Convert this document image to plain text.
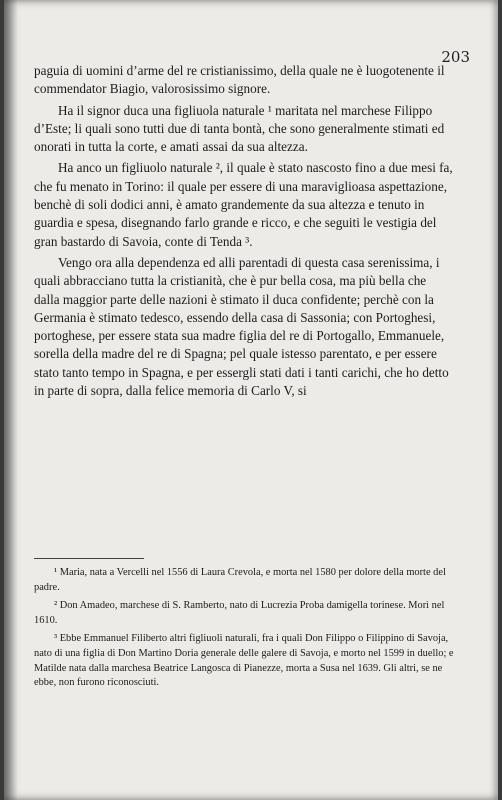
203

paguia di uomini d’arme del re cristianissimo, della quale ne è luogotenente il commendator Biagio, valorosissimo signore.

Ha il signor duca una figliuola naturale ¹ maritata nel marchese Filippo d’Este; li quali sono tutti due di tanta bontà, che sono generalmente stimati ed onorati in tutta la corte, e amati assai da sua altezza.

Ha anco un figliuolo naturale ², il quale è stato nascosto fino a due mesi fa, che fu menato in Torino: il quale per essere di una maraviglioasa aspettazione, benchè di soli dodici anni, è amato grandemente da sua altezza e tenuto in guardia e spesa, disegnando farlo grande e ricco, e che seguiti le vestigia del gran bastardo di Savoia, conte di Tenda ³.

Vengo ora alla dependenza ed alli parentadi di questa casa serenissima, i quali abbracciano tutta la cristianità, che è pur bella cosa, ma più bella che dalla maggior parte delle nazioni è stimato il duca confidente; perchè con la Germania è stimato tedesco, essendo della casa di Sassonia; con Portoghesi, portoghese, per essere stata sua madre figlia del re di Portogallo, Emmanuele, sorella della madre del re di Spagna; pel quale istesso parentato, e per essere stato tanto tempo in Spagna, e per essergli stati dati i tanti carichi, che ho detto in parte di sopra, dalla felice memoria di Carlo V, si

¹ Maria, nata a Vercelli nel 1556 di Laura Crevola, e morta nel 1580 per dolore della morte del padre.

² Don Amadeo, marchese di S. Ramberto, nato di Lucrezia Proba damigella torinese. Morì nel 1610.

³ Ebbe Emmanuel Filiberto altri figliuoli naturali, fra i quali Don Filippo o Filippino di Savoja, nato di una figlia di Don Martino Doria generale delle galere di Savoja, e morto nel 1599 in duello; e Matilde nata dalla marchesa Beatrice Langosca di Pianezze, morta a Susa nel 1639. Gli altri, se ne ebbe, non furono riconosciuti.
